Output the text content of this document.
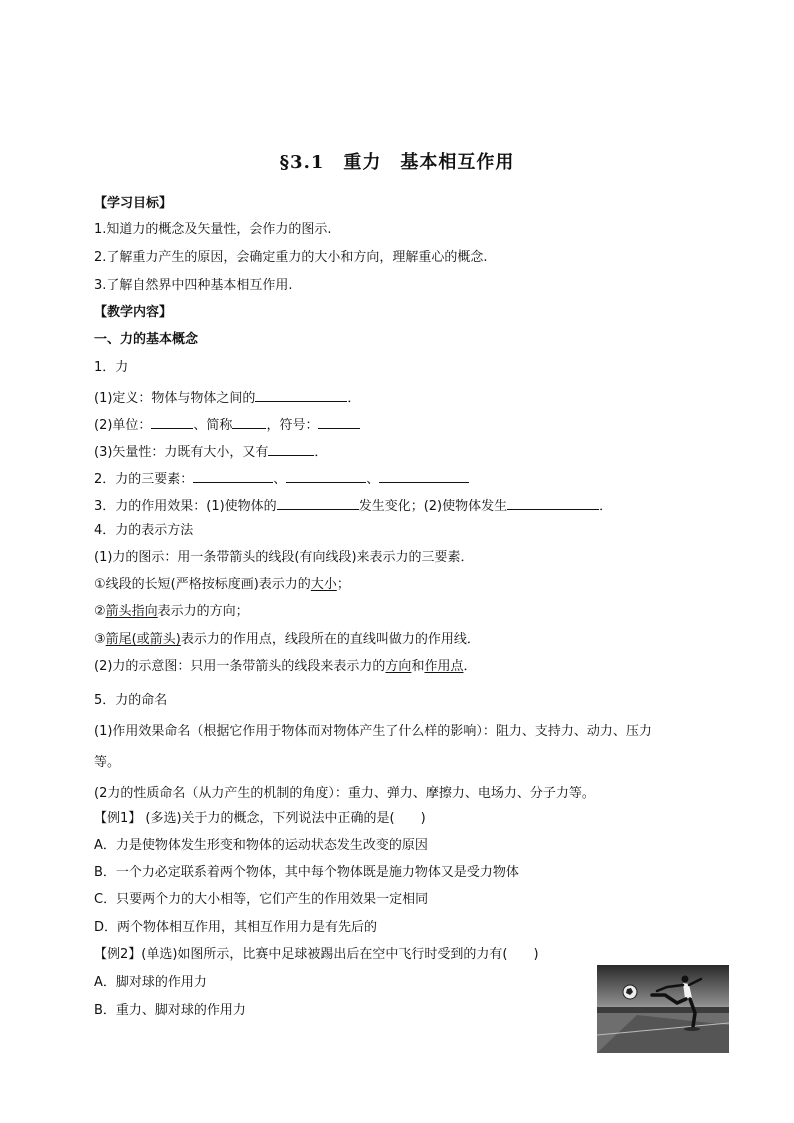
§3.1　重力　基本相互作用
【学习目标】
1.知道力的概念及矢量性，会作力的图示.
2.了解重力产生的原因，会确定重力的大小和方向，理解重心的概念.
3.了解自然界中四种基本相互作用.
【教学内容】
一、力的基本概念
1．力
(1)定义：物体与物体之间的	．
(2)单位：	、简称	，符号：
(3)矢量性：力既有大小，又有	．
2．力的三要素：	、	、
3．力的作用效果：(1)使物体的	发生变化；(2)使物体发生	．
4．力的表示方法
(1)力的图示：用一条带箭头的线段(有向线段)来表示力的三要素．
①线段的长短(严格按标度画)表示力的大小；
②箭头指向表示力的方向；
③箭尾(或箭头)表示力的作用点，线段所在的直线叫做力的作用线．
(2)力的示意图：只用一条带箭头的线段来表示力的方向和作用点．
5．力的命名
(1)作用效果命名（根据它作用于物体而对物体产生了什么样的影响）：阻力、支持力、动力、压力
等。
(2力的性质命名（从力产生的机制的角度）：重力、弹力、摩擦力、电场力、分子力等。
【例1】 (多选)关于力的概念，下列说法中正确的是(　　)
A．力是使物体发生形变和物体的运动状态发生改变的原因
B．一个力必定联系着两个物体，其中每个物体既是施力物体又是受力物体
C．只要两个力的大小相等，它们产生的作用效果一定相同
D．两个物体相互作用，其相互作用力是有先后的
【例2】(单选)如图所示，比赛中足球被踢出后在空中飞行时受到的力有(　　)
A．脚对球的作用力
B．重力、脚对球的作用力
